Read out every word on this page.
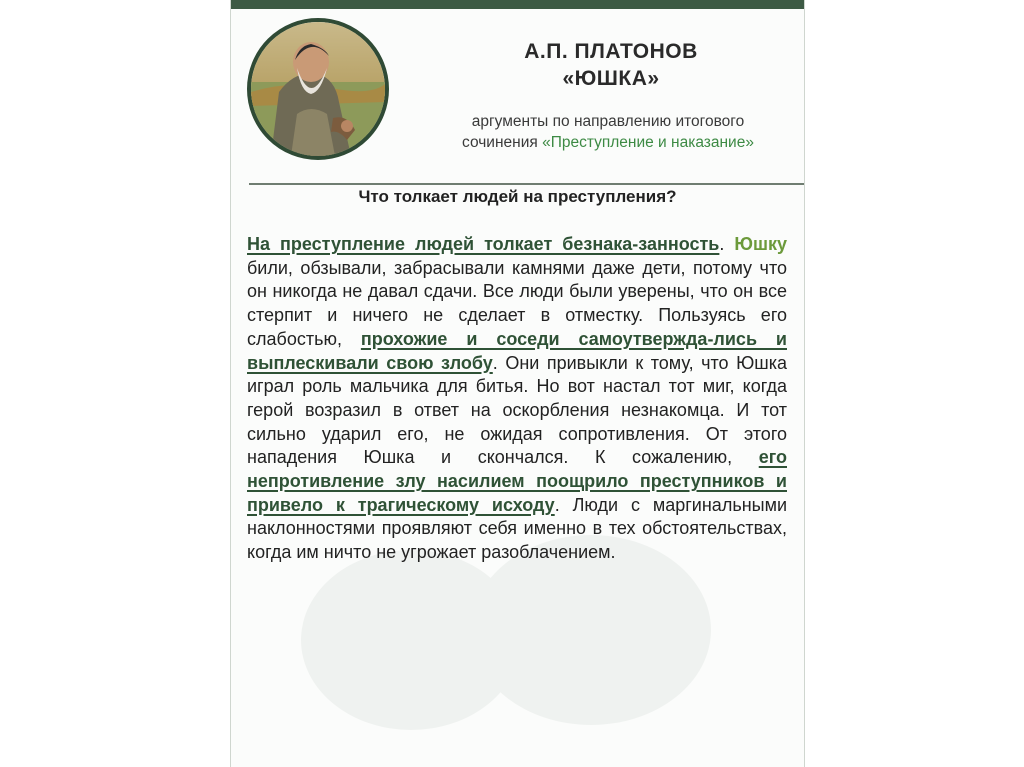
А.П. ПЛАТОНОВ
«ЮШКА»
аргументы по направлению итогового
сочинения «Преступление и наказание»
Что толкает людей на преступления?
На преступление людей толкает безнака-занность. Юшку били, обзывали, забрасывали камнями даже дети, потому что он никогда не давал сдачи. Все люди были уверены, что он все стерпит и ничего не сделает в отместку. Пользуясь его слабостью, прохожие и соседи самоутвержда-лись и выплескивали свою злобу. Они привыкли к тому, что Юшка играл роль мальчика для битья. Но вот настал тот миг, когда герой возразил в ответ на оскорбления незнакомца. И тот сильно ударил его, не ожидая сопротивления. От этого нападения Юшка и скончался. К сожалению, его непротивление злу насилием поощрило преступников и привело к трагическому исходу. Люди с маргинальными наклонностями проявляют себя именно в тех обстоятельствах, когда им ничто не угрожает разоблачением.
